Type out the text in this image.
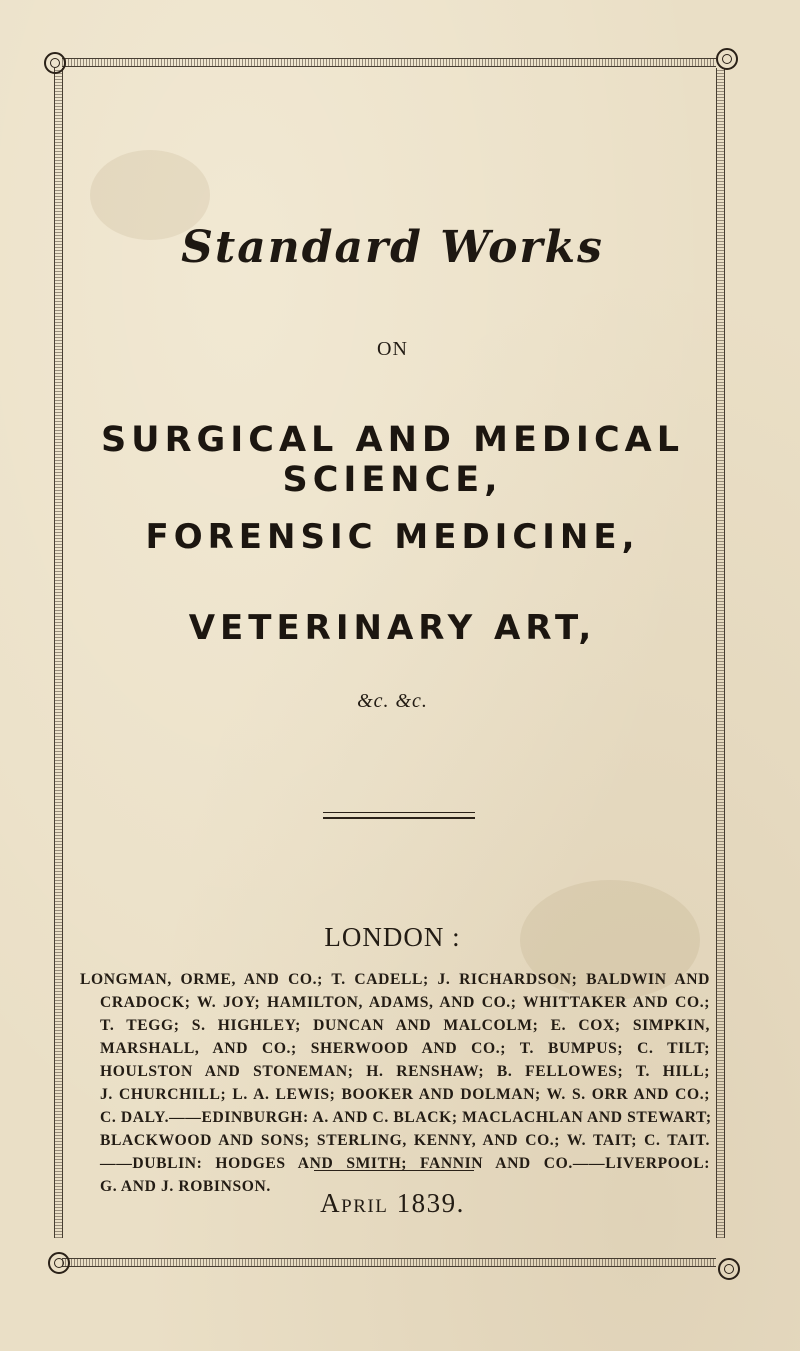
Standard Works
ON
SURGICAL AND MEDICAL SCIENCE,
FORENSIC MEDICINE,
VETERINARY ART,
&c. &c.
LONDON :
LONGMAN, ORME, AND CO.; T. CADELL; J. RICHARDSON; BALDWIN AND
CRADOCK; W. JOY; HAMILTON, ADAMS, AND CO.; WHITTAKER AND CO.;
T. TEGG; S. HIGHLEY; DUNCAN AND MALCOLM; E. COX; SIMPKIN,
MARSHALL, AND CO.; SHERWOOD AND CO.; T. BUMPUS; C. TILT;
HOULSTON AND STONEMAN; H. RENSHAW; B. FELLOWES; T. HILL;
J. CHURCHILL; L. A. LEWIS; BOOKER AND DOLMAN; W. S. ORR AND CO.;
C. DALY.——EDINBURGH: A. AND C. BLACK; MACLACHLAN AND STEWART;
BLACKWOOD AND SONS; STERLING, KENNY, AND CO.; W. TAIT; C. TAIT.
——DUBLIN: HODGES AND SMITH; FANNIN AND CO.——LIVERPOOL:
G. AND J. ROBINSON.
April 1839.
